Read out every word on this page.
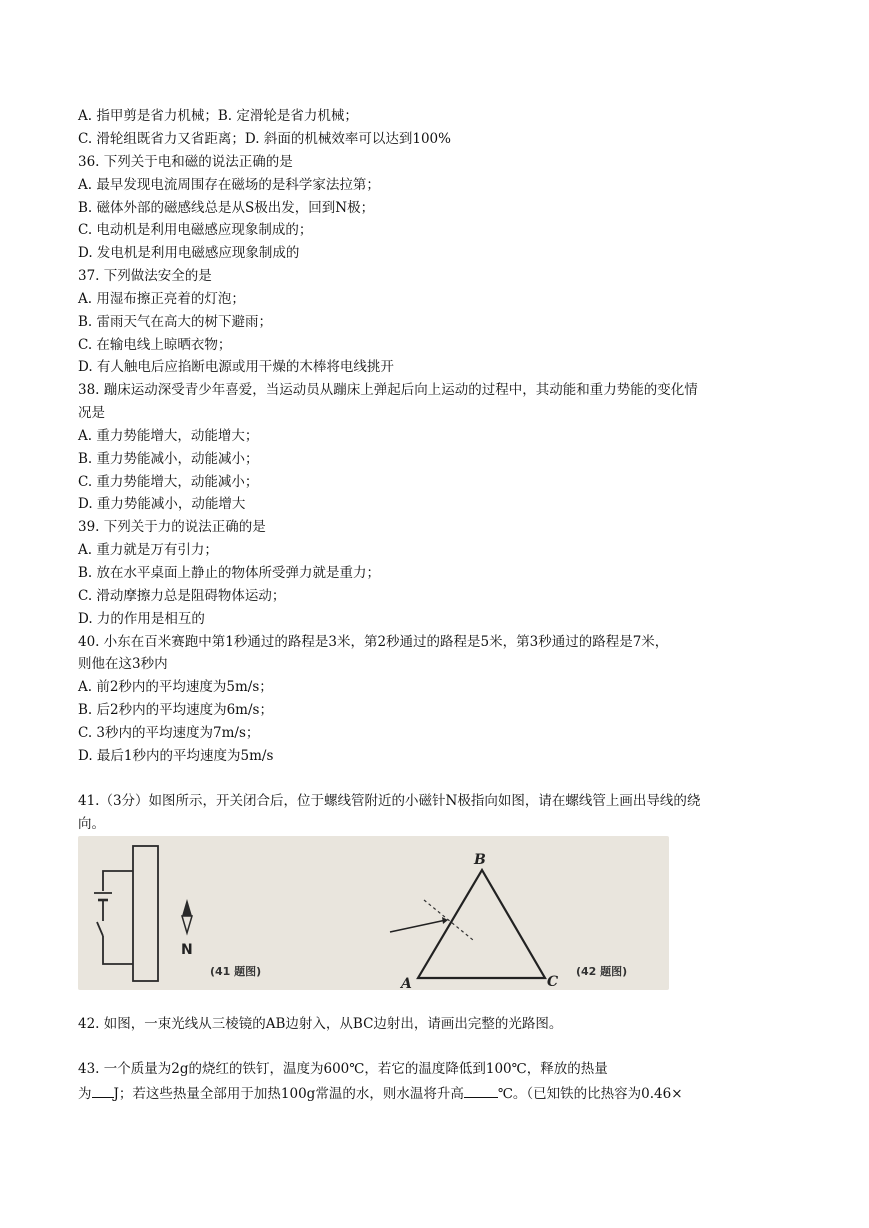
A. 指甲剪是省力机械；B. 定滑轮是省力机械；
C. 滑轮组既省力又省距离；D. 斜面的机械效率可以达到100%
36. 下列关于电和磁的说法正确的是
A. 最早发现电流周围存在磁场的是科学家法拉第；
B. 磁体外部的磁感线总是从S极出发，回到N极；
C. 电动机是利用电磁感应现象制成的；
D. 发电机是利用电磁感应现象制成的
37. 下列做法安全的是
A. 用湿布擦正亮着的灯泡；
B. 雷雨天气在高大的树下避雨；
C. 在输电线上晾晒衣物；
D. 有人触电后应掐断电源或用干燥的木棒将电线挑开
38. 蹦床运动深受青少年喜爱，当运动员从蹦床上弹起后向上运动的过程中，其动能和重力势能的变化情
况是
A. 重力势能增大，动能增大；
B. 重力势能减小，动能减小；
C. 重力势能增大，动能减小；
D. 重力势能减小，动能增大
39. 下列关于力的说法正确的是
A. 重力就是万有引力；
B. 放在水平桌面上静止的物体所受弹力就是重力；
C. 滑动摩擦力总是阻碍物体运动；
D. 力的作用是相互的
40. 小东在百米赛跑中第1秒通过的路程是3米，第2秒通过的路程是5米，第3秒通过的路程是7米，
则他在这3秒内
A. 前2秒内的平均速度为5m/s；
B. 后2秒内的平均速度为6m/s；
C. 3秒内的平均速度为7m/s；
D. 最后1秒内的平均速度为5m/s
41.（3分）如图所示，开关闭合后，位于螺线管附近的小磁针N极指向如图，请在螺线管上画出导线的绕
向。
N
(41 题图)
B
A	C
(42 题图)
42. 如图，一束光线从三棱镜的AB边射入，从BC边射出，请画出完整的光路图。
43. 一个质量为2g的烧红的铁钉，温度为600℃，若它的温度降低到100℃，释放的热量
为 J；若这些热量全部用于加热100g常温的水，则水温将升高	℃。（已知铁的比热容为0.46×
